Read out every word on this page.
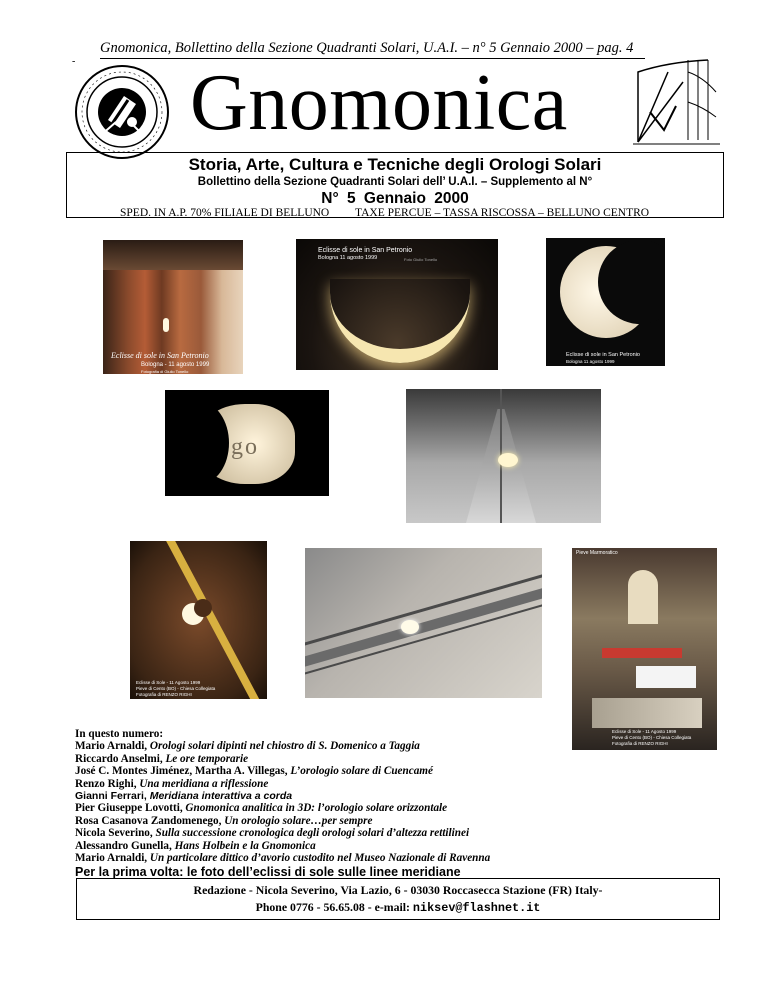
Gnomonica, Bollettino della Sezione Quadranti Solari, U.A.I. – n° 5 Gennaio 2000 – pag. 4
- Gnomonica
Storia, Arte, Cultura e Tecniche degli Orologi Solari
Bollettino della Sezione Quadranti Solari dell’ U.A.I. – Supplemento al N°
N° 5 Gennaio 2000
SPED. IN A.P. 70% FILIALE DI BELLUNO TAXE PERCUE – TASSA RISCOSSA – BELLUNO CENTRO
Eclisse di sole in San Petronio
Bologna - 11 agosto 1999
Fotografia di Giulio Tonello
Eclisse di sole in San Petronio
Bologna 11 agosto 1999	Foto Giulio Tonello
Eclisse di sole in San Petronio
Bologna 11 agosto 1999
go
Eclisse di Sole - 11 Agosto 1999
Pieve di Cento (BO) - Chiesa Collegiata
Fotografia di RENZO RIGHI
Pieve Marmoratico
Eclisse di Sole - 11 Agosto 1999
Pieve di Cento (BO) - Chiesa Collegiata
Fotografia di RENZO RIGHI
In questo numero:
Mario Arnaldi, Orologi solari dipinti nel chiostro di S. Domenico a Taggia
Riccardo Anselmi, Le ore temporarie
José C. Montes Jiménez, Martha A. Villegas, L’orologio solare di Cuencamé
Renzo Righi, Una meridiana a riflessione
Gianni Ferrari, Meridiana interattiva a corda
Pier Giuseppe Lovotti, Gnomonica analitica in 3D: l’orologio solare orizzontale
Rosa Casanova Zandomenego, Un orologio solare…per sempre
Nicola Severino, Sulla successione cronologica degli orologi solari d’altezza rettilinei
Alessandro Gunella, Hans Holbein e la Gnomonica
Mario Arnaldi, Un particolare dittico d’avorio custodito nel Museo Nazionale di Ravenna
Per la prima volta: le foto dell’eclissi di sole sulle linee meridiane
Redazione - Nicola Severino, Via Lazio, 6 - 03030 Roccasecca Stazione (FR) Italy-
Phone 0776 - 56.65.08 - e-mail: niksev@flashnet.it
